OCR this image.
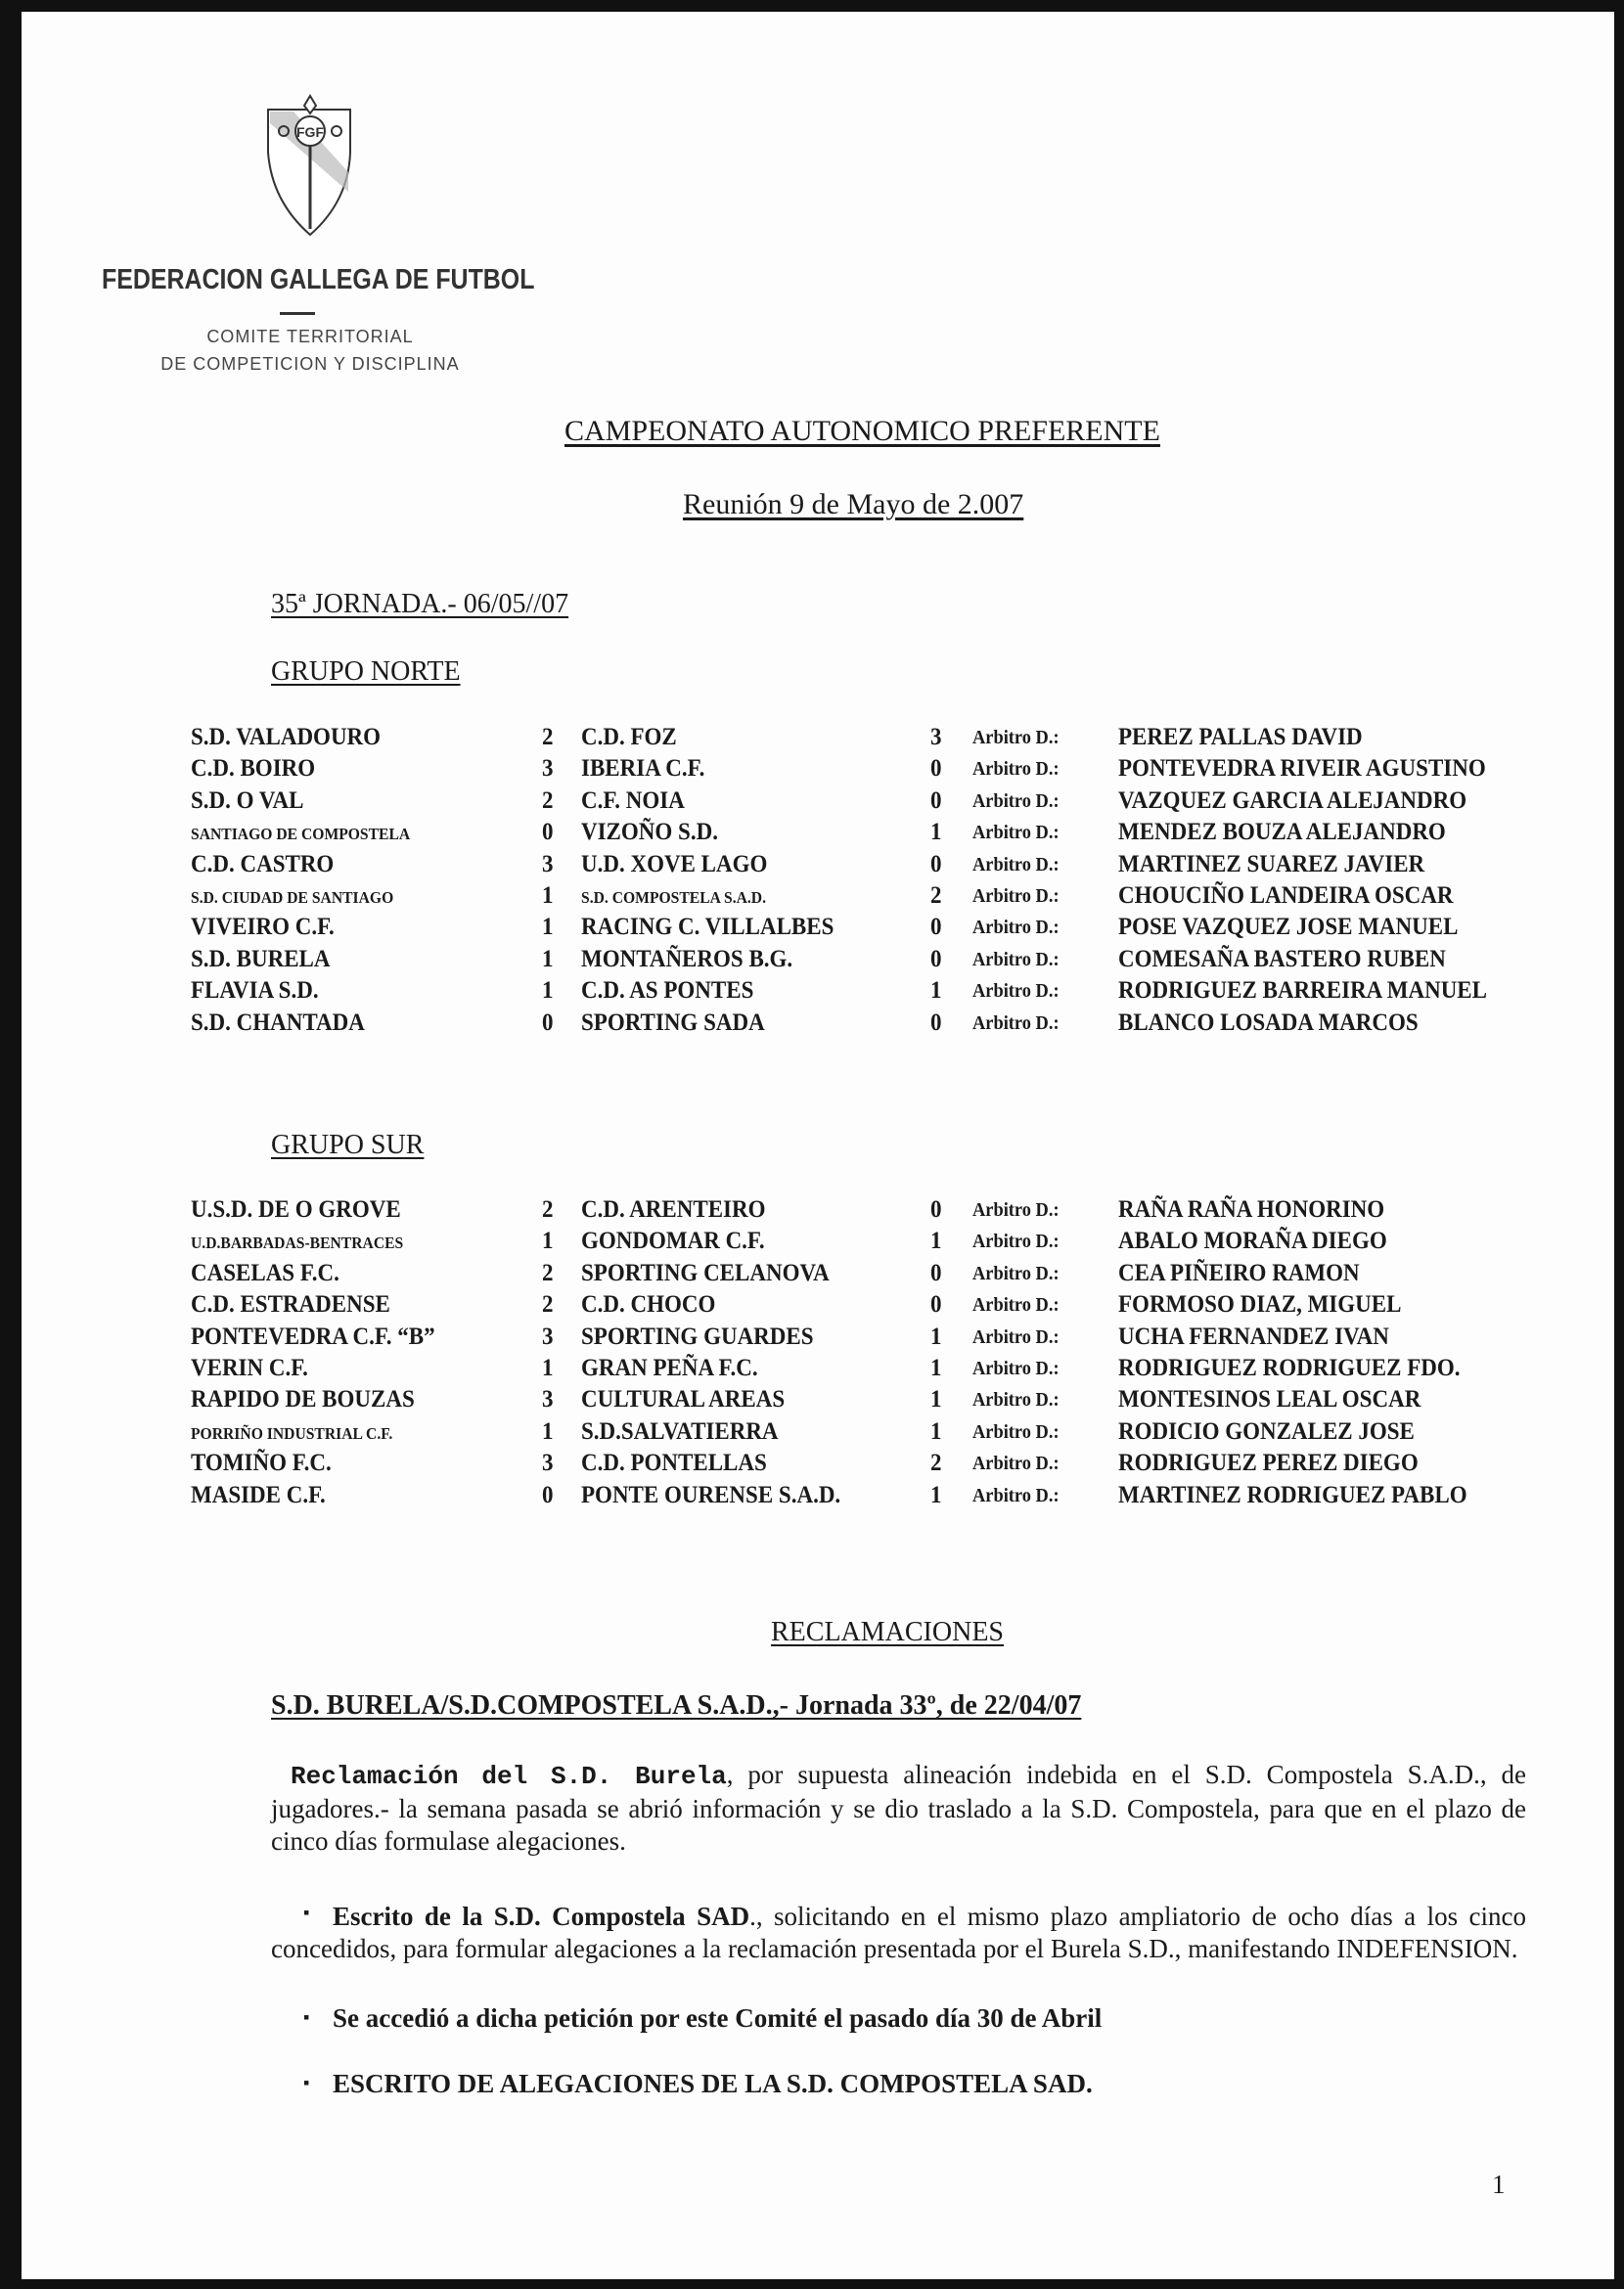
FGF
FEDERACION GALLEGA DE FUTBOL
COMITE TERRITORIAL
DE COMPETICION Y DISCIPLINA
CAMPEONATO AUTONOMICO PREFERENTE
Reunión 9 de Mayo de 2.007
35ª JORNADA.- 06/05//07
GRUPO NORTE
S.D. VALADOURO	2 C.D. FOZ	3 Arbitro D.: PEREZ PALLAS DAVID
C.D. BOIRO	3 IBERIA C.F.	0 Arbitro D.: PONTEVEDRA RIVEIR AGUSTINO
S.D. O VAL	2 C.F. NOIA	0 Arbitro D.: VAZQUEZ GARCIA ALEJANDRO
SANTIAGO DE COMPOSTELA	0 VIZOÑO S.D.	1 Arbitro D.: MENDEZ BOUZA ALEJANDRO
C.D. CASTRO	3 U.D. XOVE LAGO	0 Arbitro D.: MARTINEZ SUAREZ JAVIER
S.D. CIUDAD DE SANTIAGO	1 S.D. COMPOSTELA S.A.D.	2 Arbitro D.: CHOUCIÑO LANDEIRA OSCAR
VIVEIRO C.F.	1 RACING C. VILLALBES	0 Arbitro D.: POSE VAZQUEZ JOSE MANUEL
S.D. BURELA	1 MONTAÑEROS B.G.	0 Arbitro D.: COMESAÑA BASTERO RUBEN
FLAVIA S.D.	1 C.D. AS PONTES	1 Arbitro D.: RODRIGUEZ BARREIRA MANUEL
S.D. CHANTADA	0 SPORTING SADA	0 Arbitro D.: BLANCO LOSADA MARCOS
GRUPO SUR
U.S.D. DE O GROVE	2 C.D. ARENTEIRO	0 Arbitro D.: RAÑA RAÑA HONORINO
U.D.BARBADAS-BENTRACES	1 GONDOMAR C.F.	1 Arbitro D.: ABALO MORAÑA DIEGO
CASELAS F.C.	2 SPORTING CELANOVA	0 Arbitro D.: CEA PIÑEIRO RAMON
C.D. ESTRADENSE	2 C.D. CHOCO	0 Arbitro D.: FORMOSO DIAZ, MIGUEL
PONTEVEDRA C.F. “B”	3 SPORTING GUARDES	1 Arbitro D.: UCHA FERNANDEZ IVAN
VERIN C.F.	1 GRAN PEÑA F.C.	1 Arbitro D.: RODRIGUEZ RODRIGUEZ FDO.
RAPIDO DE BOUZAS	3 CULTURAL AREAS	1 Arbitro D.: MONTESINOS LEAL OSCAR
PORRIÑO INDUSTRIAL C.F.	1 S.D.SALVATIERRA	1 Arbitro D.: RODICIO GONZALEZ JOSE
TOMIÑO F.C.	3 C.D. PONTELLAS	2 Arbitro D.: RODRIGUEZ PEREZ DIEGO
MASIDE C.F.	0 PONTE OURENSE S.A.D.	1 Arbitro D.: MARTINEZ RODRIGUEZ PABLO
RECLAMACIONES
S.D. BURELA/S.D.COMPOSTELA S.A.D.,- Jornada 33º, de 22/04/07
Reclamación del S.D. Burela, por supuesta alineación indebida en el S.D. Compostela S.A.D., de jugadores.- la semana pasada se abrió información y se dio traslado a la S.D. Compostela, para que en el plazo de cinco días formulase alegaciones.
▪ Escrito de la S.D. Compostela SAD., solicitando en el mismo plazo ampliatorio de ocho días a los cinco concedidos, para formular alegaciones a la reclamación presentada por el Burela S.D., manifestando INDEFENSION.
▪ Se accedió a dicha petición por este Comité el pasado día 30 de Abril
▪ ESCRITO DE ALEGACIONES DE LA S.D. COMPOSTELA SAD.
1
